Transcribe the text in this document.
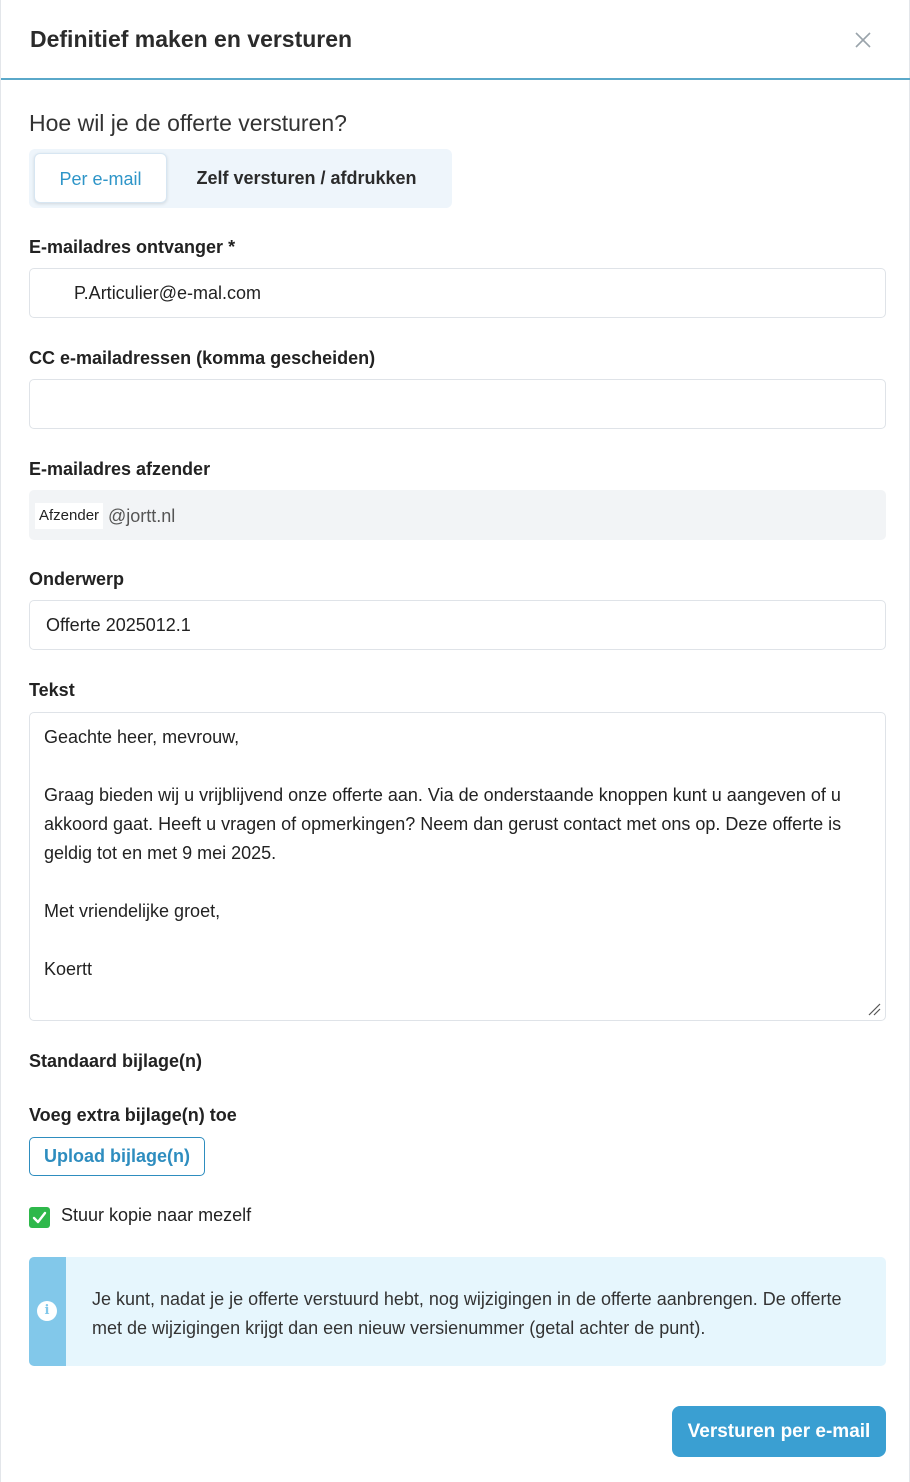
Definitief maken en versturen
Hoe wil je de offerte versturen?
Per e-mail	Zelf versturen / afdrukken
E-mailadres ontvanger *
P.Articulier@e-mal.com
CC e-mailadressen (komma gescheiden)
E-mailadres afzender
Afzender @jortt.nl
Onderwerp
Offerte 2025012.1
Tekst
Geachte heer, mevrouw, Graag bieden wij u vrijblijvend onze offerte aan. Via de onderstaande knoppen kunt u aangeven of u akkoord gaat. Heeft u vragen of opmerkingen? Neem dan gerust contact met ons op. Deze offerte is geldig tot en met 9 mei 2025. Met vriendelijke groet, Koertt
Standaard bijlage(n)
Voeg extra bijlage(n) toe
Upload bijlage(n)
Stuur kopie naar mezelf
i
Je kunt, nadat je je offerte verstuurd hebt, nog wijzigingen in de offerte aanbrengen. De offerte met de wijzigingen krijgt dan een nieuw versienummer (getal achter de punt).
Versturen per e-mail
